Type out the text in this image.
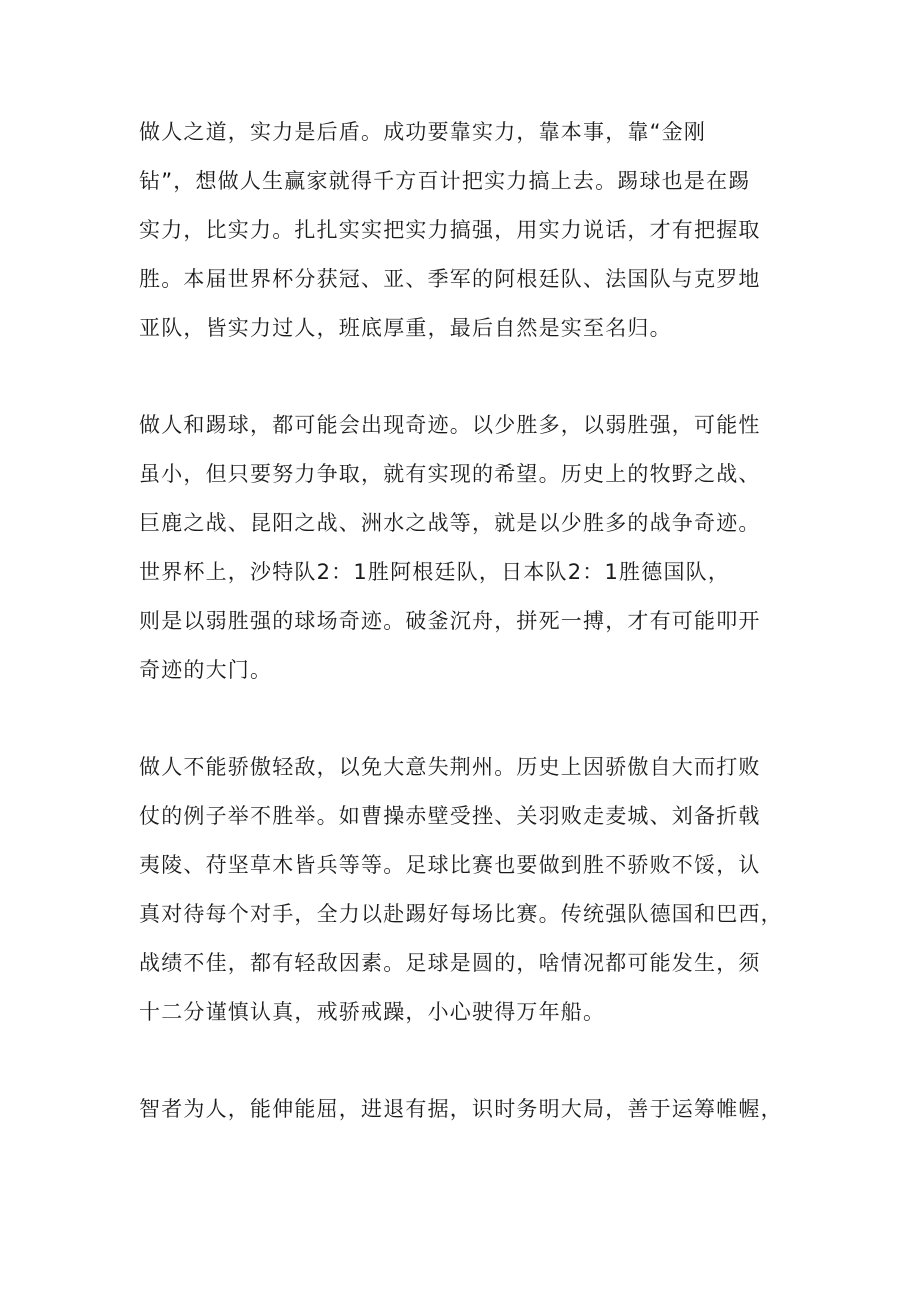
做人之道，实力是后盾。成功要靠实力，靠本事，靠“金刚
钻”，想做人生赢家就得千方百计把实力搞上去。踢球也是在踢
实力，比实力。扎扎实实把实力搞强，用实力说话，才有把握取
胜。本届世界杯分获冠、亚、季军的阿根廷队、法国队与克罗地
亚队，皆实力过人，班底厚重，最后自然是实至名归。
做人和踢球，都可能会出现奇迹。以少胜多，以弱胜强，可能性
虽小，但只要努力争取，就有实现的希望。历史上的牧野之战、
巨鹿之战、昆阳之战、洲水之战等，就是以少胜多的战争奇迹。
世界杯上，沙特队2：1胜阿根廷队，日本队2：1胜德国队，
则是以弱胜强的球场奇迹。破釜沉舟，拼死一搏，才有可能叩开
奇迹的大门。
做人不能骄傲轻敌，以免大意失荆州。历史上因骄傲自大而打败
仗的例子举不胜举。如曹操赤壁受挫、关羽败走麦城、刘备折戟
夷陵、苻坚草木皆兵等等。足球比赛也要做到胜不骄败不馁，认
真对待每个对手，全力以赴踢好每场比赛。传统强队德国和巴西，
战绩不佳，都有轻敌因素。足球是圆的，啥情况都可能发生，须
十二分谨慎认真，戒骄戒躁，小心驶得万年船。
智者为人，能伸能屈，进退有据，识时务明大局，善于运筹帷幄，
